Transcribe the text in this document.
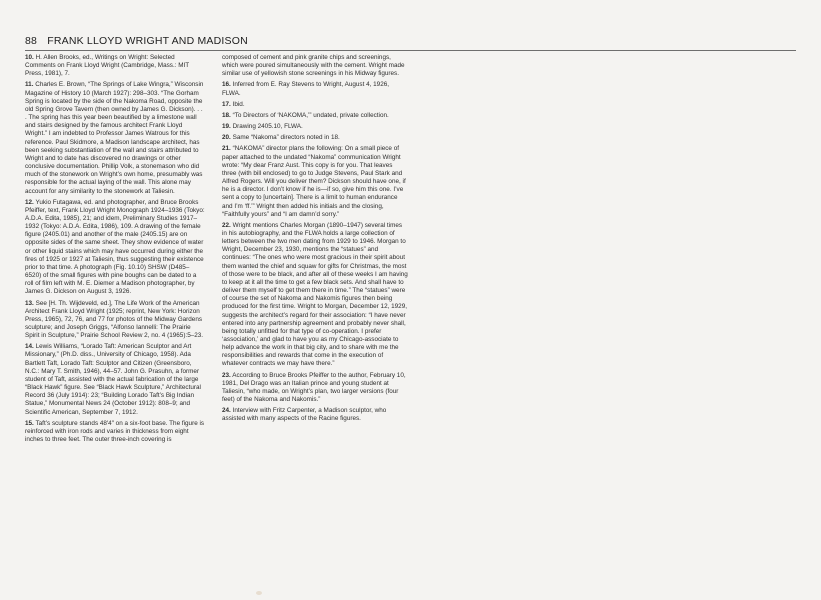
88 FRANK LLOYD WRIGHT AND MADISON

10. H. Allen Brooks, ed., Writings on Wright: Selected Comments on Frank Lloyd Wright (Cambridge, Mass.: MIT Press, 1981), 7.

11. Charles E. Brown, “The Springs of Lake Wingra,” Wisconsin Magazine of History 10 (March 1927): 298–303. “The Gorham Spring is located by the side of the Nakoma Road, opposite the old Spring Grove Tavern (then owned by James G. Dickson). . . . The spring has this year been beautified by a limestone wall and stairs designed by the famous architect Frank Lloyd Wright.” I am indebted to Professor James Watrous for this reference. Paul Skidmore, a Madison landscape architect, has been seeking substantiation of the wall and stairs attributed to Wright and to date has discovered no drawings or other conclusive documentation. Phillip Volk, a stonemason who did much of the stonework on Wright’s own home, presumably was responsible for the actual laying of the wall. This alone may account for any similarity to the stonework at Taliesin.

12. Yukio Futagawa, ed. and photographer, and Bruce Brooks Pfeiffer, text, Frank Lloyd Wright Monograph 1924–1936 (Tokyo: A.D.A. Edita, 1985), 21; and idem, Preliminary Studies 1917–1932 (Tokyo: A.D.A. Edita, 1986), 109. A drawing of the female figure (2405.01) and another of the male (2405.15) are on opposite sides of the same sheet. They show evidence of water or other liquid stains which may have occurred during either the fires of 1925 or 1927 at Taliesin, thus suggesting their existence prior to that time. A photograph (Fig. 10.10) SHSW (D485–6520) of the small figures with pine boughs can be dated to a roll of film left with M. E. Diemer a Madison photographer, by James G. Dickson on August 3, 1926.

13. See [H. Th. Wijdeveld, ed.], The Life Work of the American Architect Frank Lloyd Wright (1925; reprint, New York: Horizon Press, 1965), 72, 76, and 77 for photos of the Midway Gardens sculpture; and Joseph Griggs, “Alfonso Iannelli: The Prairie Spirit in Sculpture,” Prairie School Review 2, no. 4 (1965):5–23.

14. Lewis Williams, “Lorado Taft: American Sculptor and Art Missionary,” (Ph.D. diss., University of Chicago, 1958). Ada Bartlett Taft, Lorado Taft: Sculptor and Citizen (Greensboro, N.C.: Mary T. Smith, 1946), 44–57. John G. Prasuhn, a former student of Taft, assisted with the actual fabrication of the large “Black Hawk” figure. See “Black Hawk Sculpture,” Architectural Record 36 (July 1914): 23; “Building Lorado Taft’s Big Indian Statue,” Monumental News 24 (October 1912): 808–9; and Scientific American, September 7, 1912.

15. Taft’s sculpture stands 48′4″ on a six-foot base. The figure is reinforced with iron rods and varies in thickness from eight inches to three feet. The outer three-inch covering is

composed of cement and pink granite chips and screenings, which were poured simultaneously with the cement. Wright made similar use of yellowish stone screenings in his Midway figures.

16. Inferred from E. Ray Stevens to Wright, August 4, 1926, FLWA.

17. Ibid.

18. “To Directors of ‘NAKOMA,’” undated, private collection.

19. Drawing 2405.10, FLWA.

20. Same “Nakoma” directors noted in 18.

21. “NAKOMA” director plans the following: On a small piece of paper attached to the undated “Nakoma” communication Wright wrote: “My dear Franz Aust. This copy is for you. That leaves three (with bill enclosed) to go to Judge Stevens, Paul Stark and Alfred Rogers. Will you deliver them? Dickson should have one, if he is a director. I don’t know if he is—if so, give him this one. I’ve sent a copy to [uncertain]. There is a limit to human endurance and I’m ‘ff.’” Wright then added his initials and the closing, “Faithfully yours” and “I am damn’d sorry.”

22. Wright mentions Charles Morgan (1890–1947) several times in his autobiography, and the FLWA holds a large collection of letters between the two men dating from 1929 to 1946. Morgan to Wright, December 23, 1930, mentions the “statues” and continues: “The ones who were most gracious in their spirit about them wanted the chief and squaw for gifts for Christmas, the most of those were to be black, and after all of these weeks I am having to keep at it all the time to get a few black sets. And shall have to deliver them myself to get them there in time.” The “statues” were of course the set of Nakoma and Nakomis figures then being produced for the first time. Wright to Morgan, December 12, 1929, suggests the architect’s regard for their association: “I have never entered into any partnership agreement and probably never shall, being totally unfitted for that type of co-operation. I prefer ‘association,’ and glad to have you as my Chicago-associate to help advance the work in that big city, and to share with me the responsibilities and rewards that come in the execution of whatever contracts we may have there.”

23. According to Bruce Brooks Pfeiffer to the author, February 10, 1981, Del Drago was an Italian prince and young student at Taliesin, “who made, on Wright’s plan, two larger versions (four feet) of the Nakoma and Nakomis.”

24. Interview with Fritz Carpenter, a Madison sculptor, who assisted with many aspects of the Racine figures.
